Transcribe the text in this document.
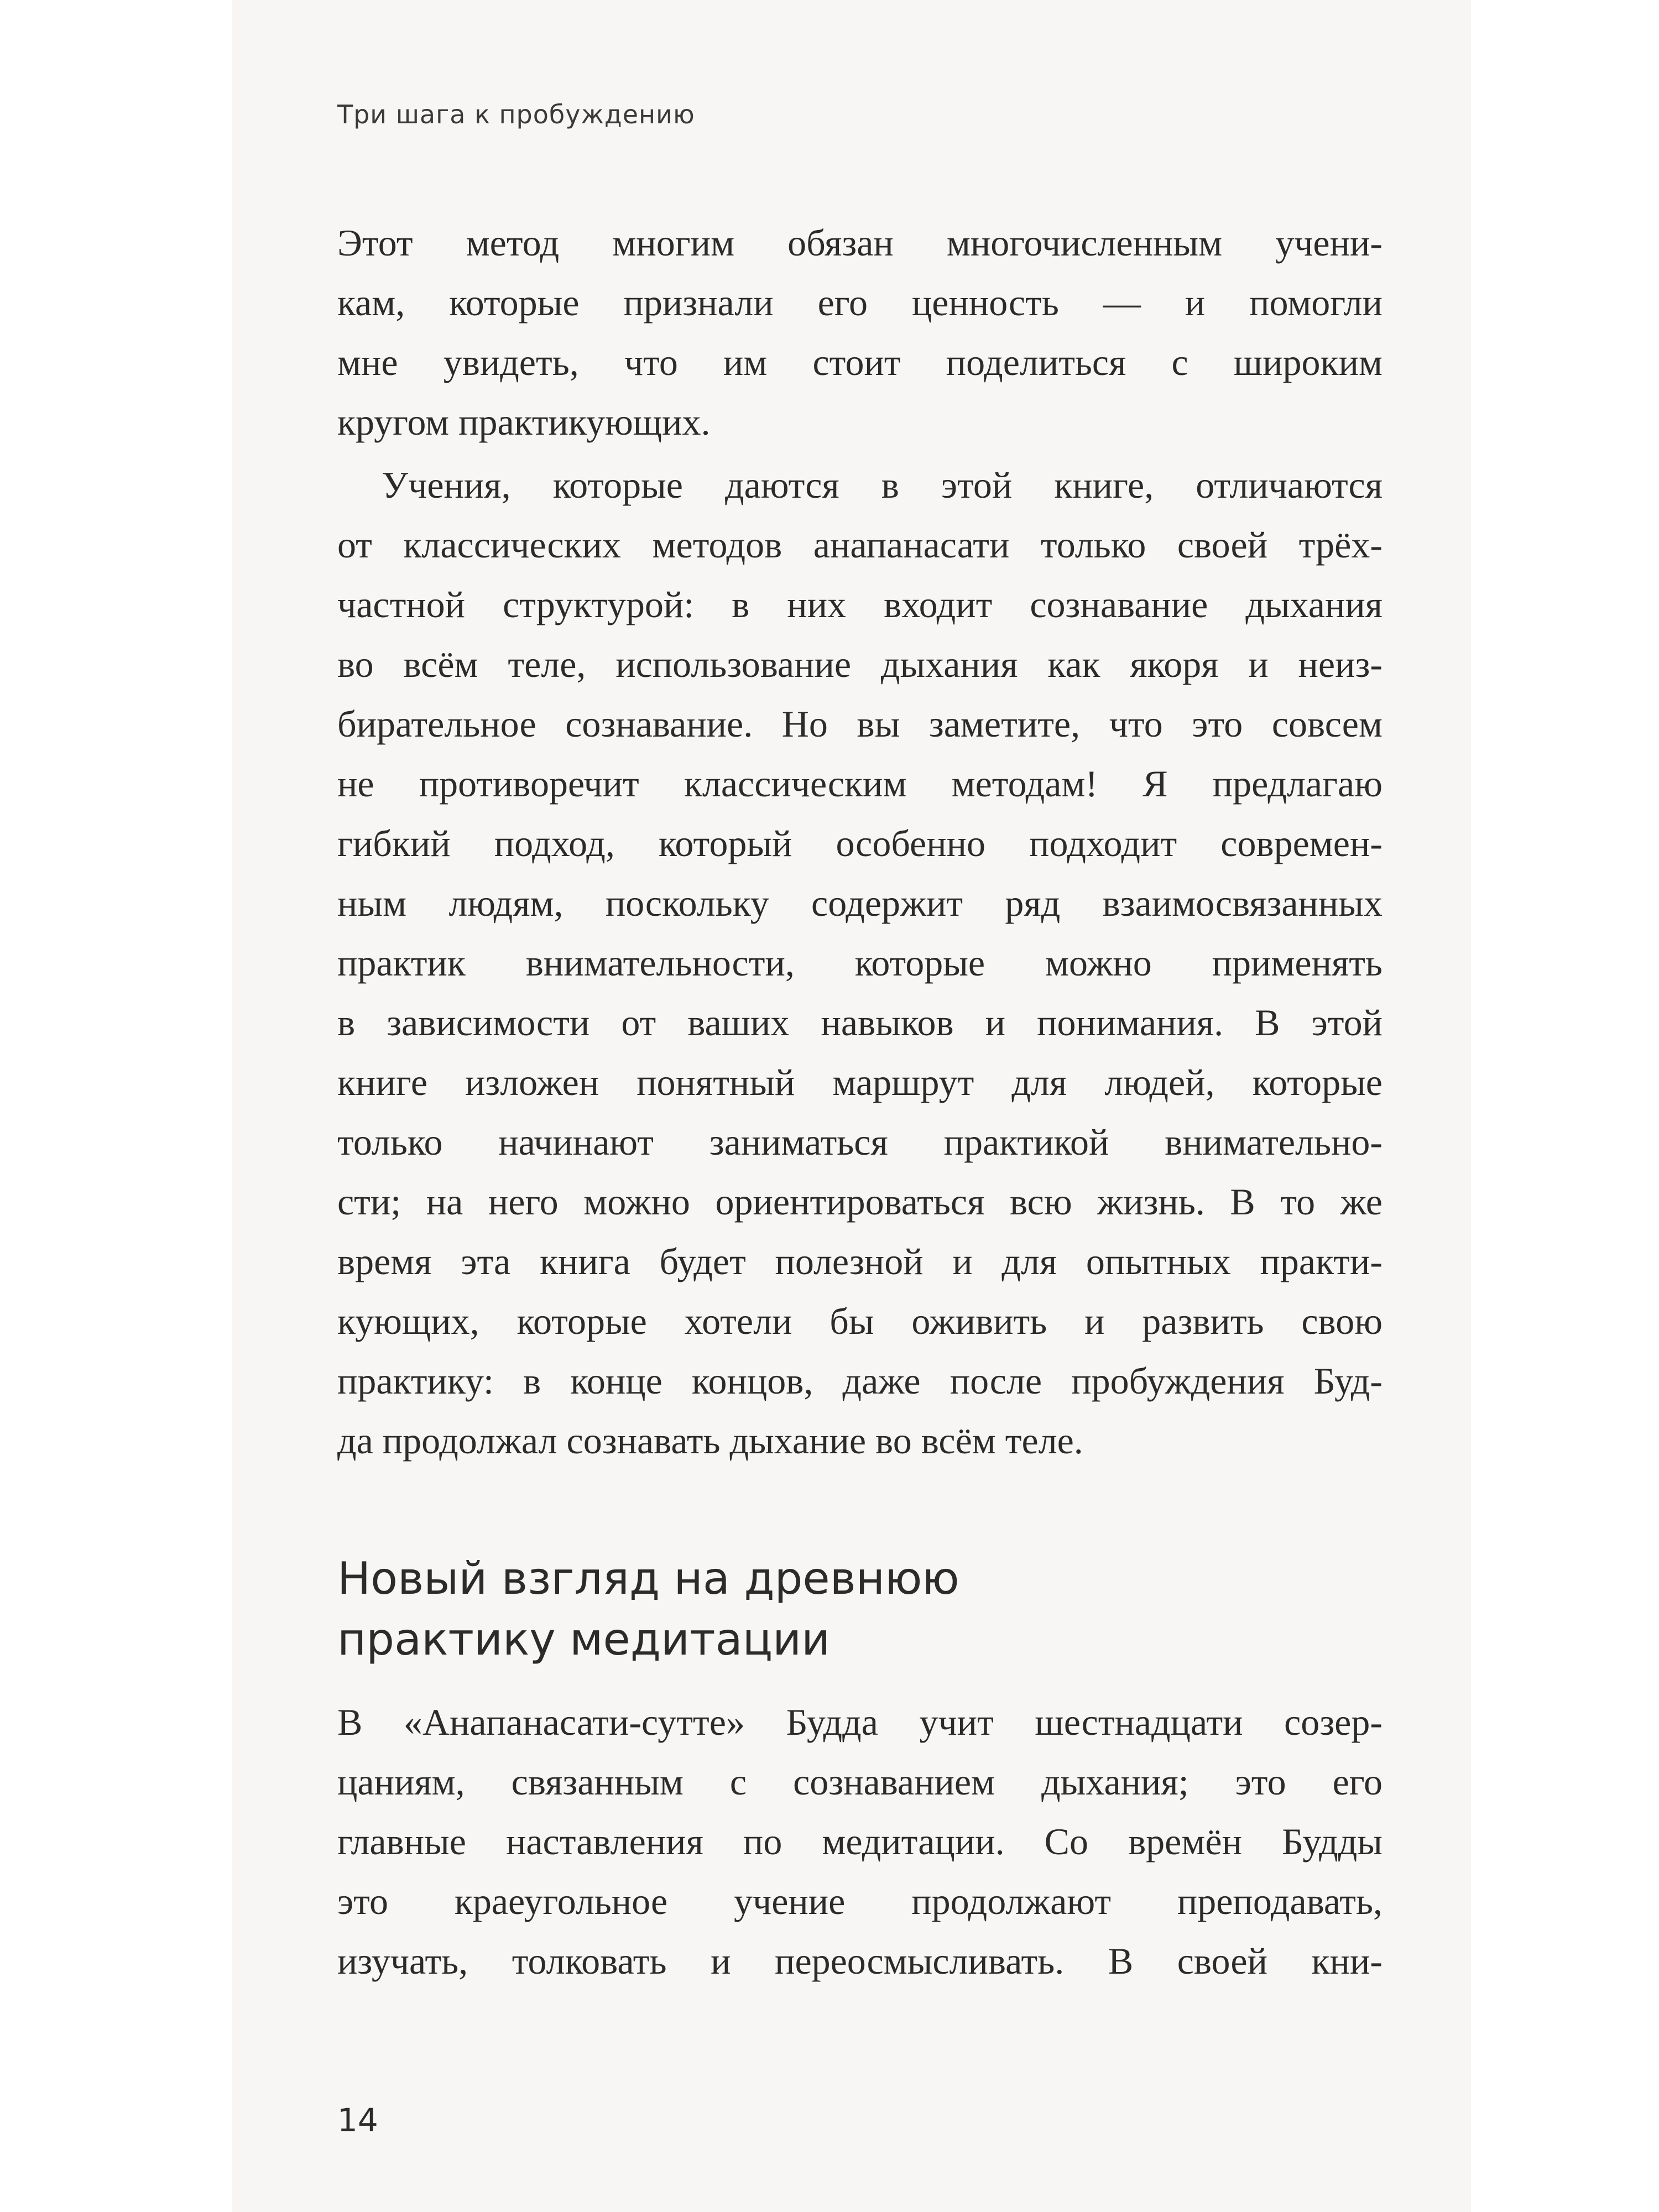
Три шага к пробуждению
Этот метод многим обязан многочисленным учени-
кам, которые признали его ценность — и помогли
мне увидеть, что им стоит поделиться с широким
кругом практикующих.
Учения, которые даются в этой книге, отличаются
от классических методов анапанасати только своей трёх-
частной структурой: в них входит сознавание дыхания
во всём теле, использование дыхания как якоря и неиз-
бирательное сознавание. Но вы заметите, что это совсем
не противоречит классическим методам! Я предлагаю
гибкий подход, который особенно подходит современ-
ным людям, поскольку содержит ряд взаимосвязанных
практик внимательности, которые можно применять
в зависимости от ваших навыков и понимания. В этой
книге изложен понятный маршрут для людей, которые
только начинают заниматься практикой внимательно-
сти; на него можно ориентироваться всю жизнь. В то же
время эта книга будет полезной и для опытных практи-
кующих, которые хотели бы оживить и развить свою
практику: в конце концов, даже после пробуждения Буд-
да продолжал сознавать дыхание во всём теле.
Новый взгляд на древнюю
практику медитации
В «Анапанасати-сутте» Будда учит шестнадцати созер-
цаниям, связанным с сознаванием дыхания; это его
главные наставления по медитации. Со времён Будды
это краеугольное учение продолжают преподавать,
изучать, толковать и переосмысливать. В своей кни-
14
